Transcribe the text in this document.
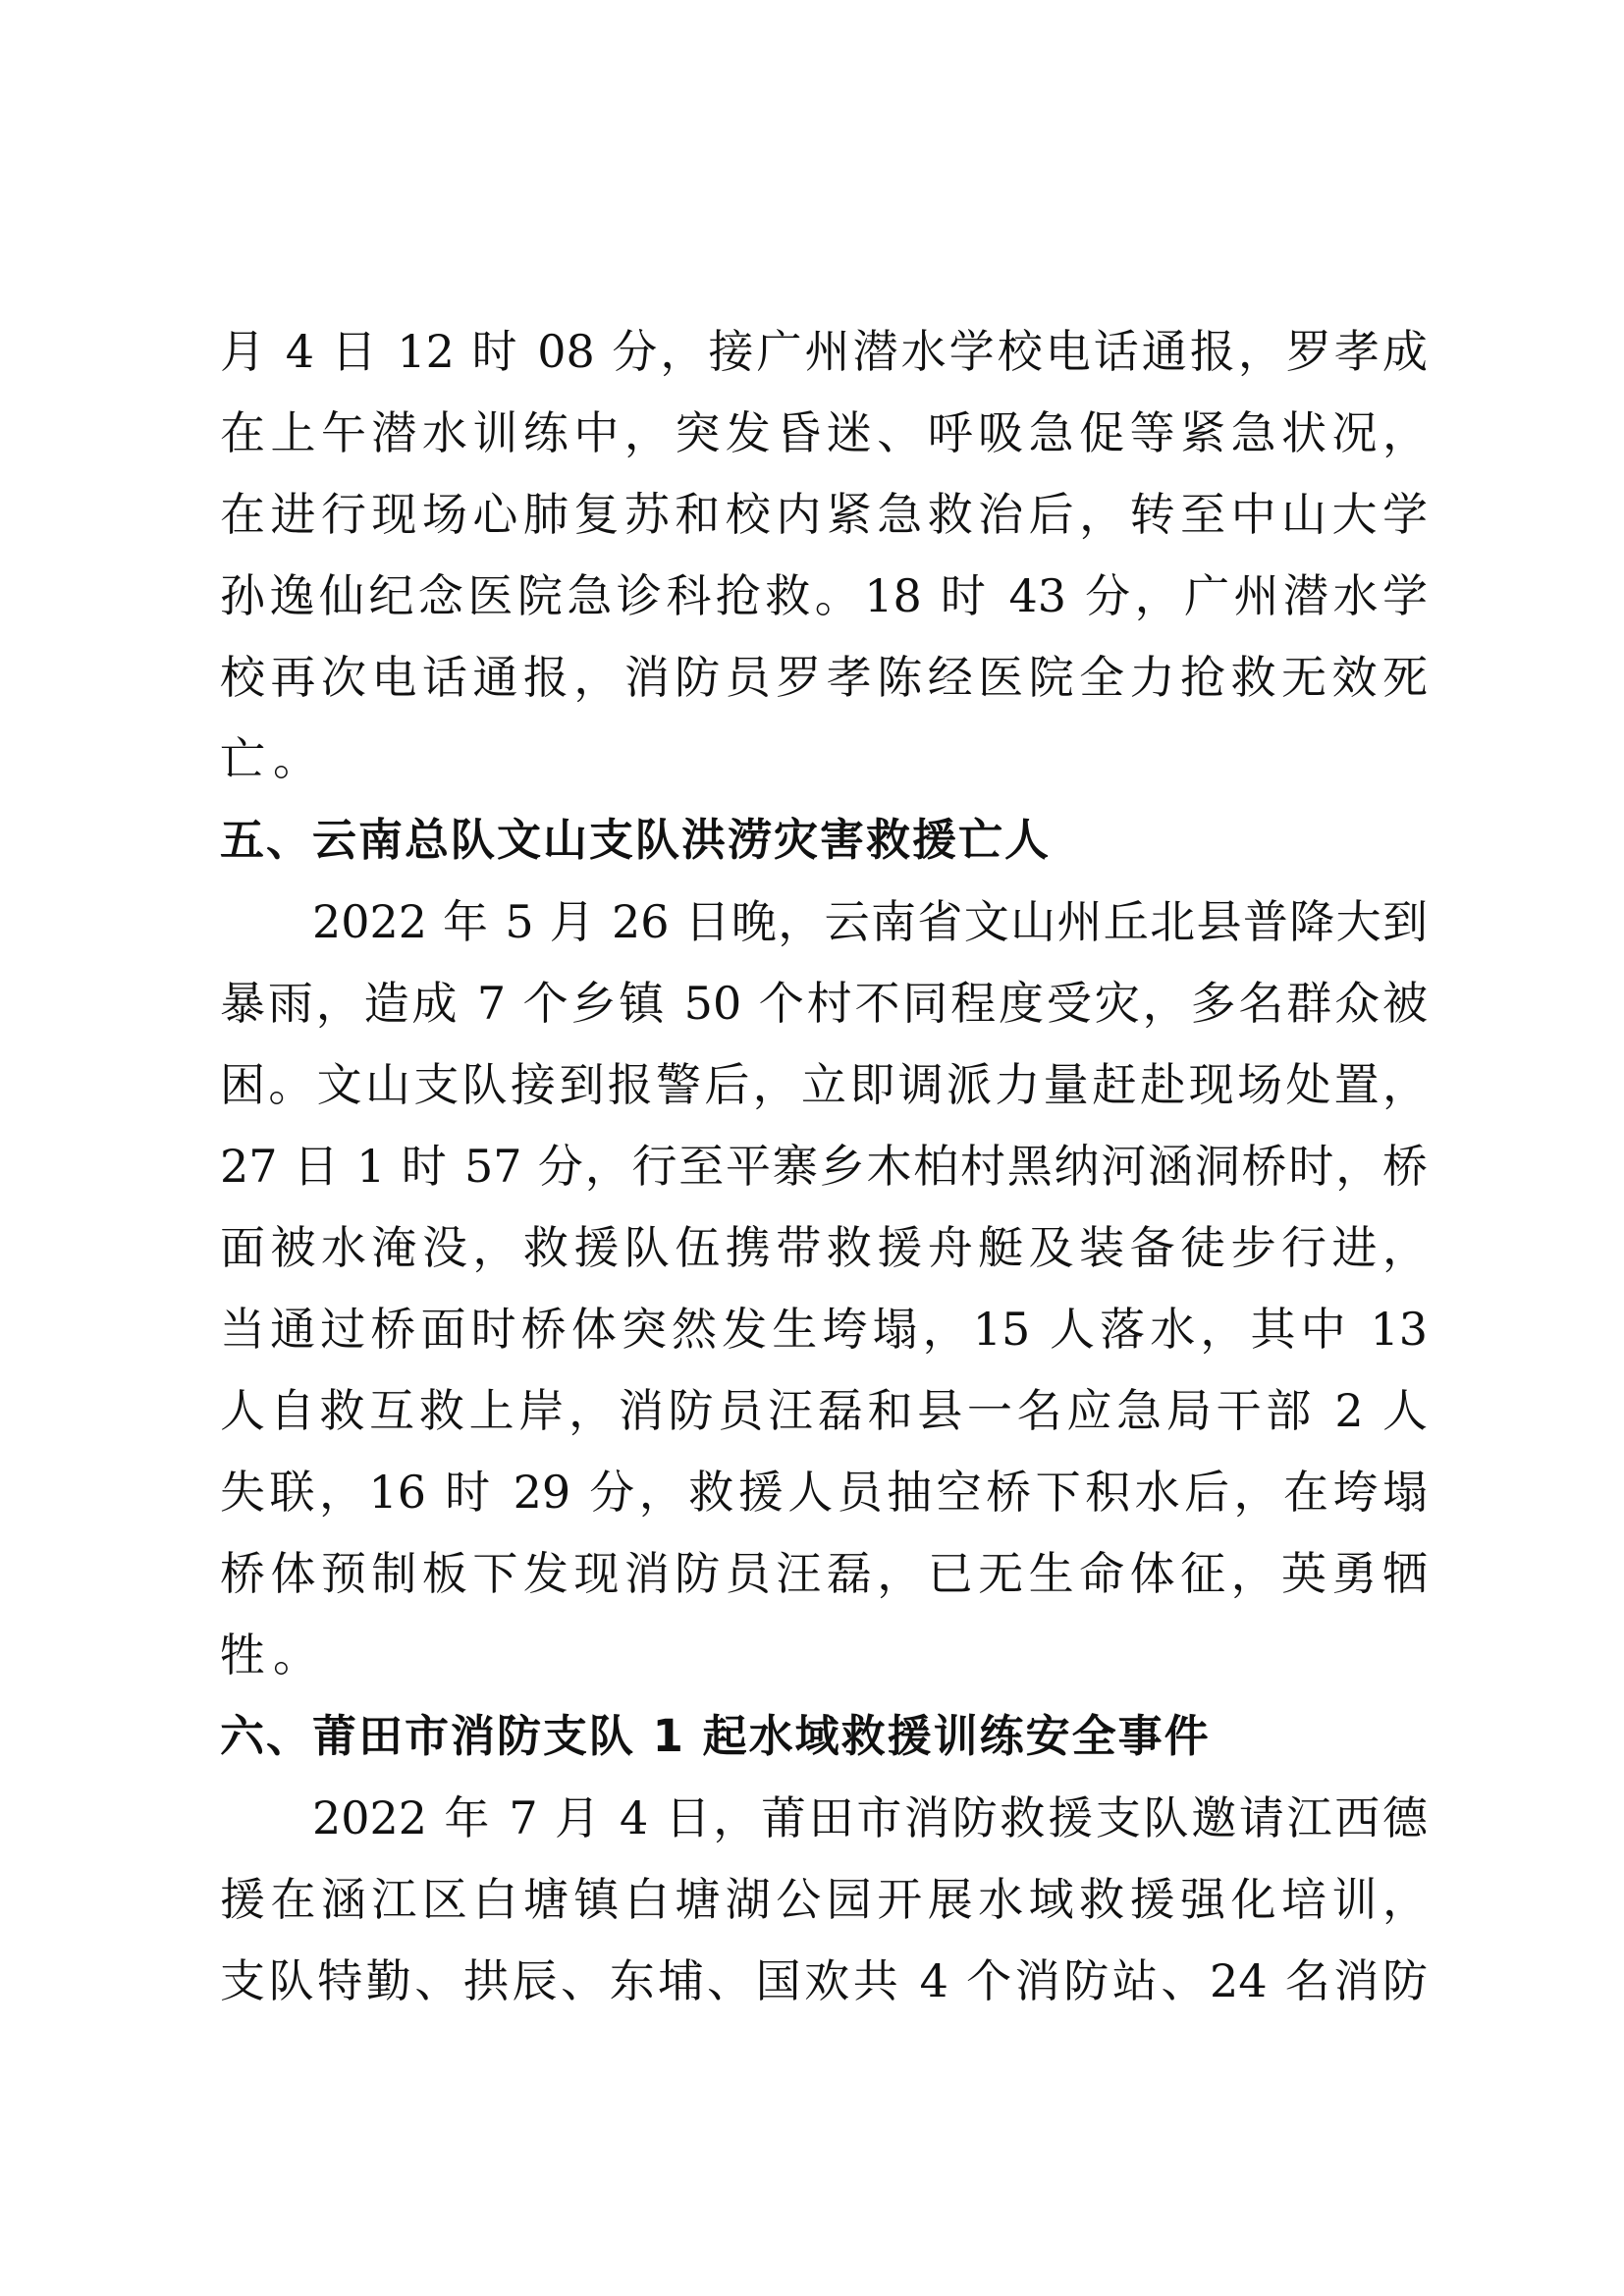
月 4 日 12 时 08 分，接广州潜水学校电话通报，罗孝成
在上午潜水训练中，突发昏迷、呼吸急促等紧急状况，
在进行现场心肺复苏和校内紧急救治后，转至中山大学
孙逸仙纪念医院急诊科抢救。18 时 43 分，广州潜水学
校再次电话通报，消防员罗孝陈经医院全力抢救无效死
亡。
五、云南总队文山支队洪涝灾害救援亡人
2022 年 5 月 26 日晚，云南省文山州丘北县普降大到
暴雨，造成 7 个乡镇 50 个村不同程度受灾，多名群众被
困。文山支队接到报警后，立即调派力量赶赴现场处置，
27 日 1 时 57 分，行至平寨乡木柏村黑纳河涵洞桥时，桥
面被水淹没，救援队伍携带救援舟艇及装备徒步行进，
当通过桥面时桥体突然发生垮塌，15 人落水，其中 13
人自救互救上岸，消防员汪磊和县一名应急局干部 2 人
失联，16 时 29 分，救援人员抽空桥下积水后，在垮塌
桥体预制板下发现消防员汪磊，已无生命体征，英勇牺
牲。
六、莆田市消防支队 1 起水域救援训练安全事件
2022 年 7 月 4 日，莆田市消防救援支队邀请江西德
援在涵江区白塘镇白塘湖公园开展水域救援强化培训，
支队特勤、拱辰、东埔、国欢共 4 个消防站、24 名消防
